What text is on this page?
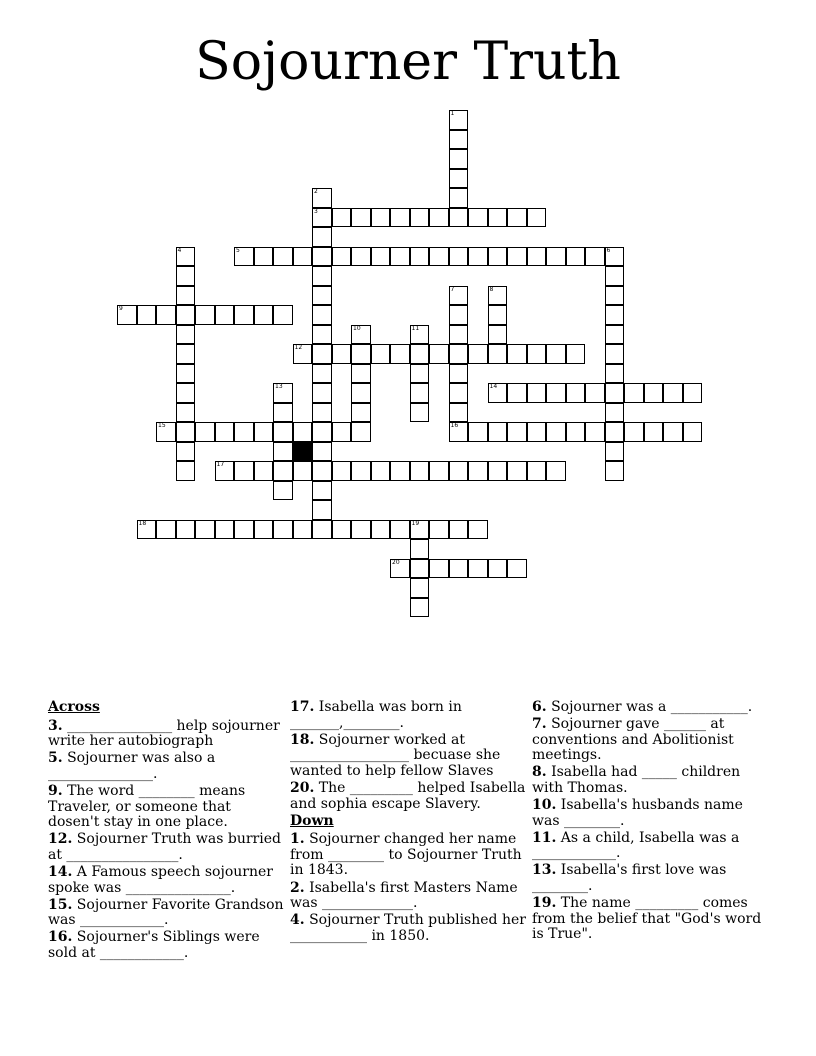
Sojourner Truth
1
2
3
4	5	6
7
16
8
9
10	11
12
13	14
15
17
18	19
20
Across
3. _______________ help sojourner write her autobiograph
5. Sojourner was also a _______________.
9. The word ________ means Traveler, or someone that dosen't stay in one place.
12. Sojourner Truth was burried at ________________.
14. A Famous speech sojourner spoke was _______________.
15. Sojourner Favorite Grandson was ____________.
16. Sojourner's Siblings were sold at ____________.
17. Isabella was born in _______,________.
18. Sojourner worked at _________________ becuase she wanted to help fellow Slaves
20. The _________ helped Isabella and sophia escape Slavery.
Down
1. Sojourner changed her name from ________ to Sojourner Truth in 1843.
2. Isabella's first Masters Name was _____________.
4. Sojourner Truth published her ___________ in 1850.
6. Sojourner was a ___________.
7. Sojourner gave ______ at conventions and Abolitionist meetings.
8. Isabella had _____ children with Thomas.
10. Isabella's husbands name was ________.
11. As a child, Isabella was a ____________.
13. Isabella's first love was ________.
19. The name _________ comes from the belief that "God's word is True".
